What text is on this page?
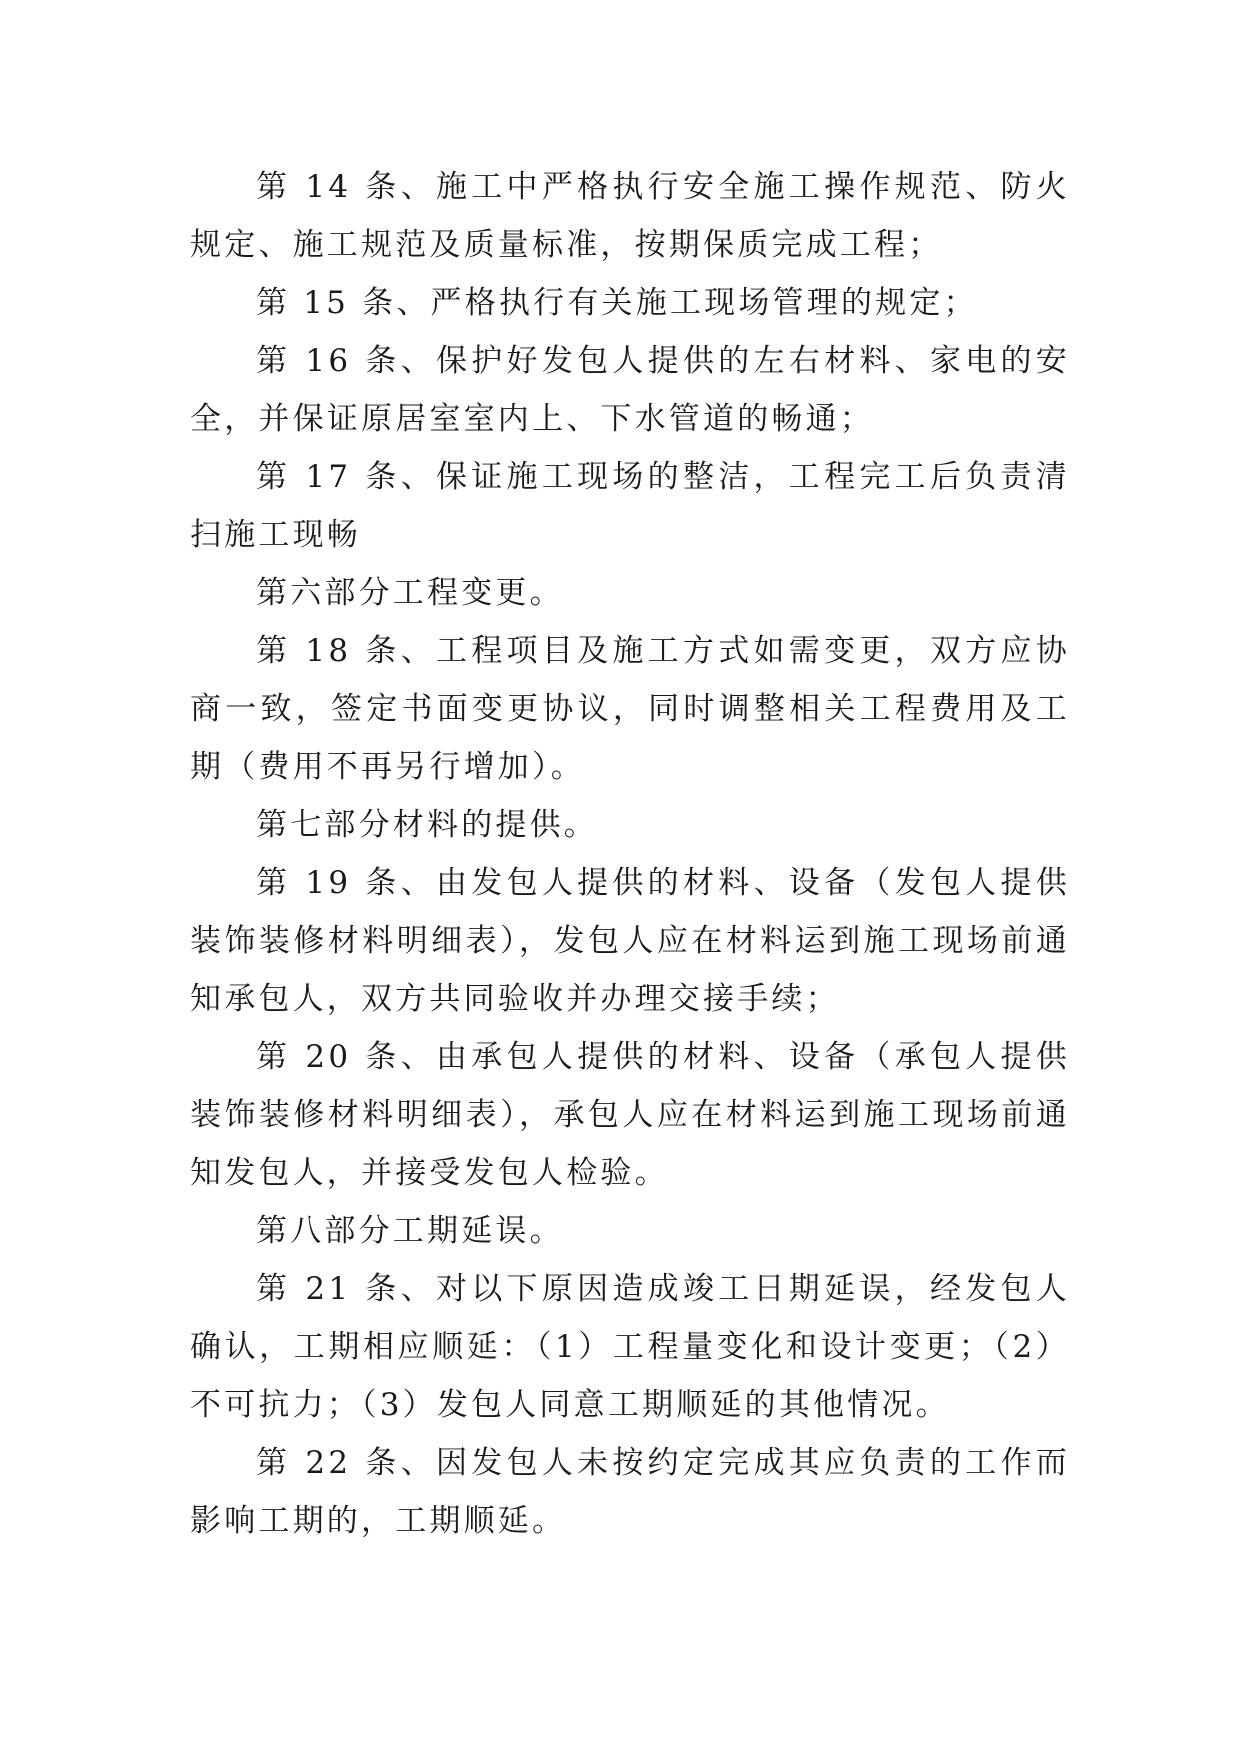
第 14 条、施工中严格执行安全施工操作规范、防火规定、施工规范及质量标准，按期保质完成工程；

第 15 条、严格执行有关施工现场管理的规定；

第 16 条、保护好发包人提供的左右材料、家电的安全，并保证原居室室内上、下水管道的畅通；

第 17 条、保证施工现场的整洁，工程完工后负责清扫施工现畅

第六部分工程变更。

第 18 条、工程项目及施工方式如需变更，双方应协商一致，签定书面变更协议，同时调整相关工程费用及工期（费用不再另行增加）。

第七部分材料的提供。

第 19 条、由发包人提供的材料、设备（发包人提供装饰装修材料明细表），发包人应在材料运到施工现场前通知承包人，双方共同验收并办理交接手续；

第 20 条、由承包人提供的材料、设备（承包人提供装饰装修材料明细表），承包人应在材料运到施工现场前通知发包人，并接受发包人检验。

第八部分工期延误。

第 21 条、对以下原因造成竣工日期延误，经发包人确认，工期相应顺延：（1）工程量变化和设计变更；（2）不可抗力；（3）发包人同意工期顺延的其他情况。

第 22 条、因发包人未按约定完成其应负责的工作而影响工期的，工期顺延。
